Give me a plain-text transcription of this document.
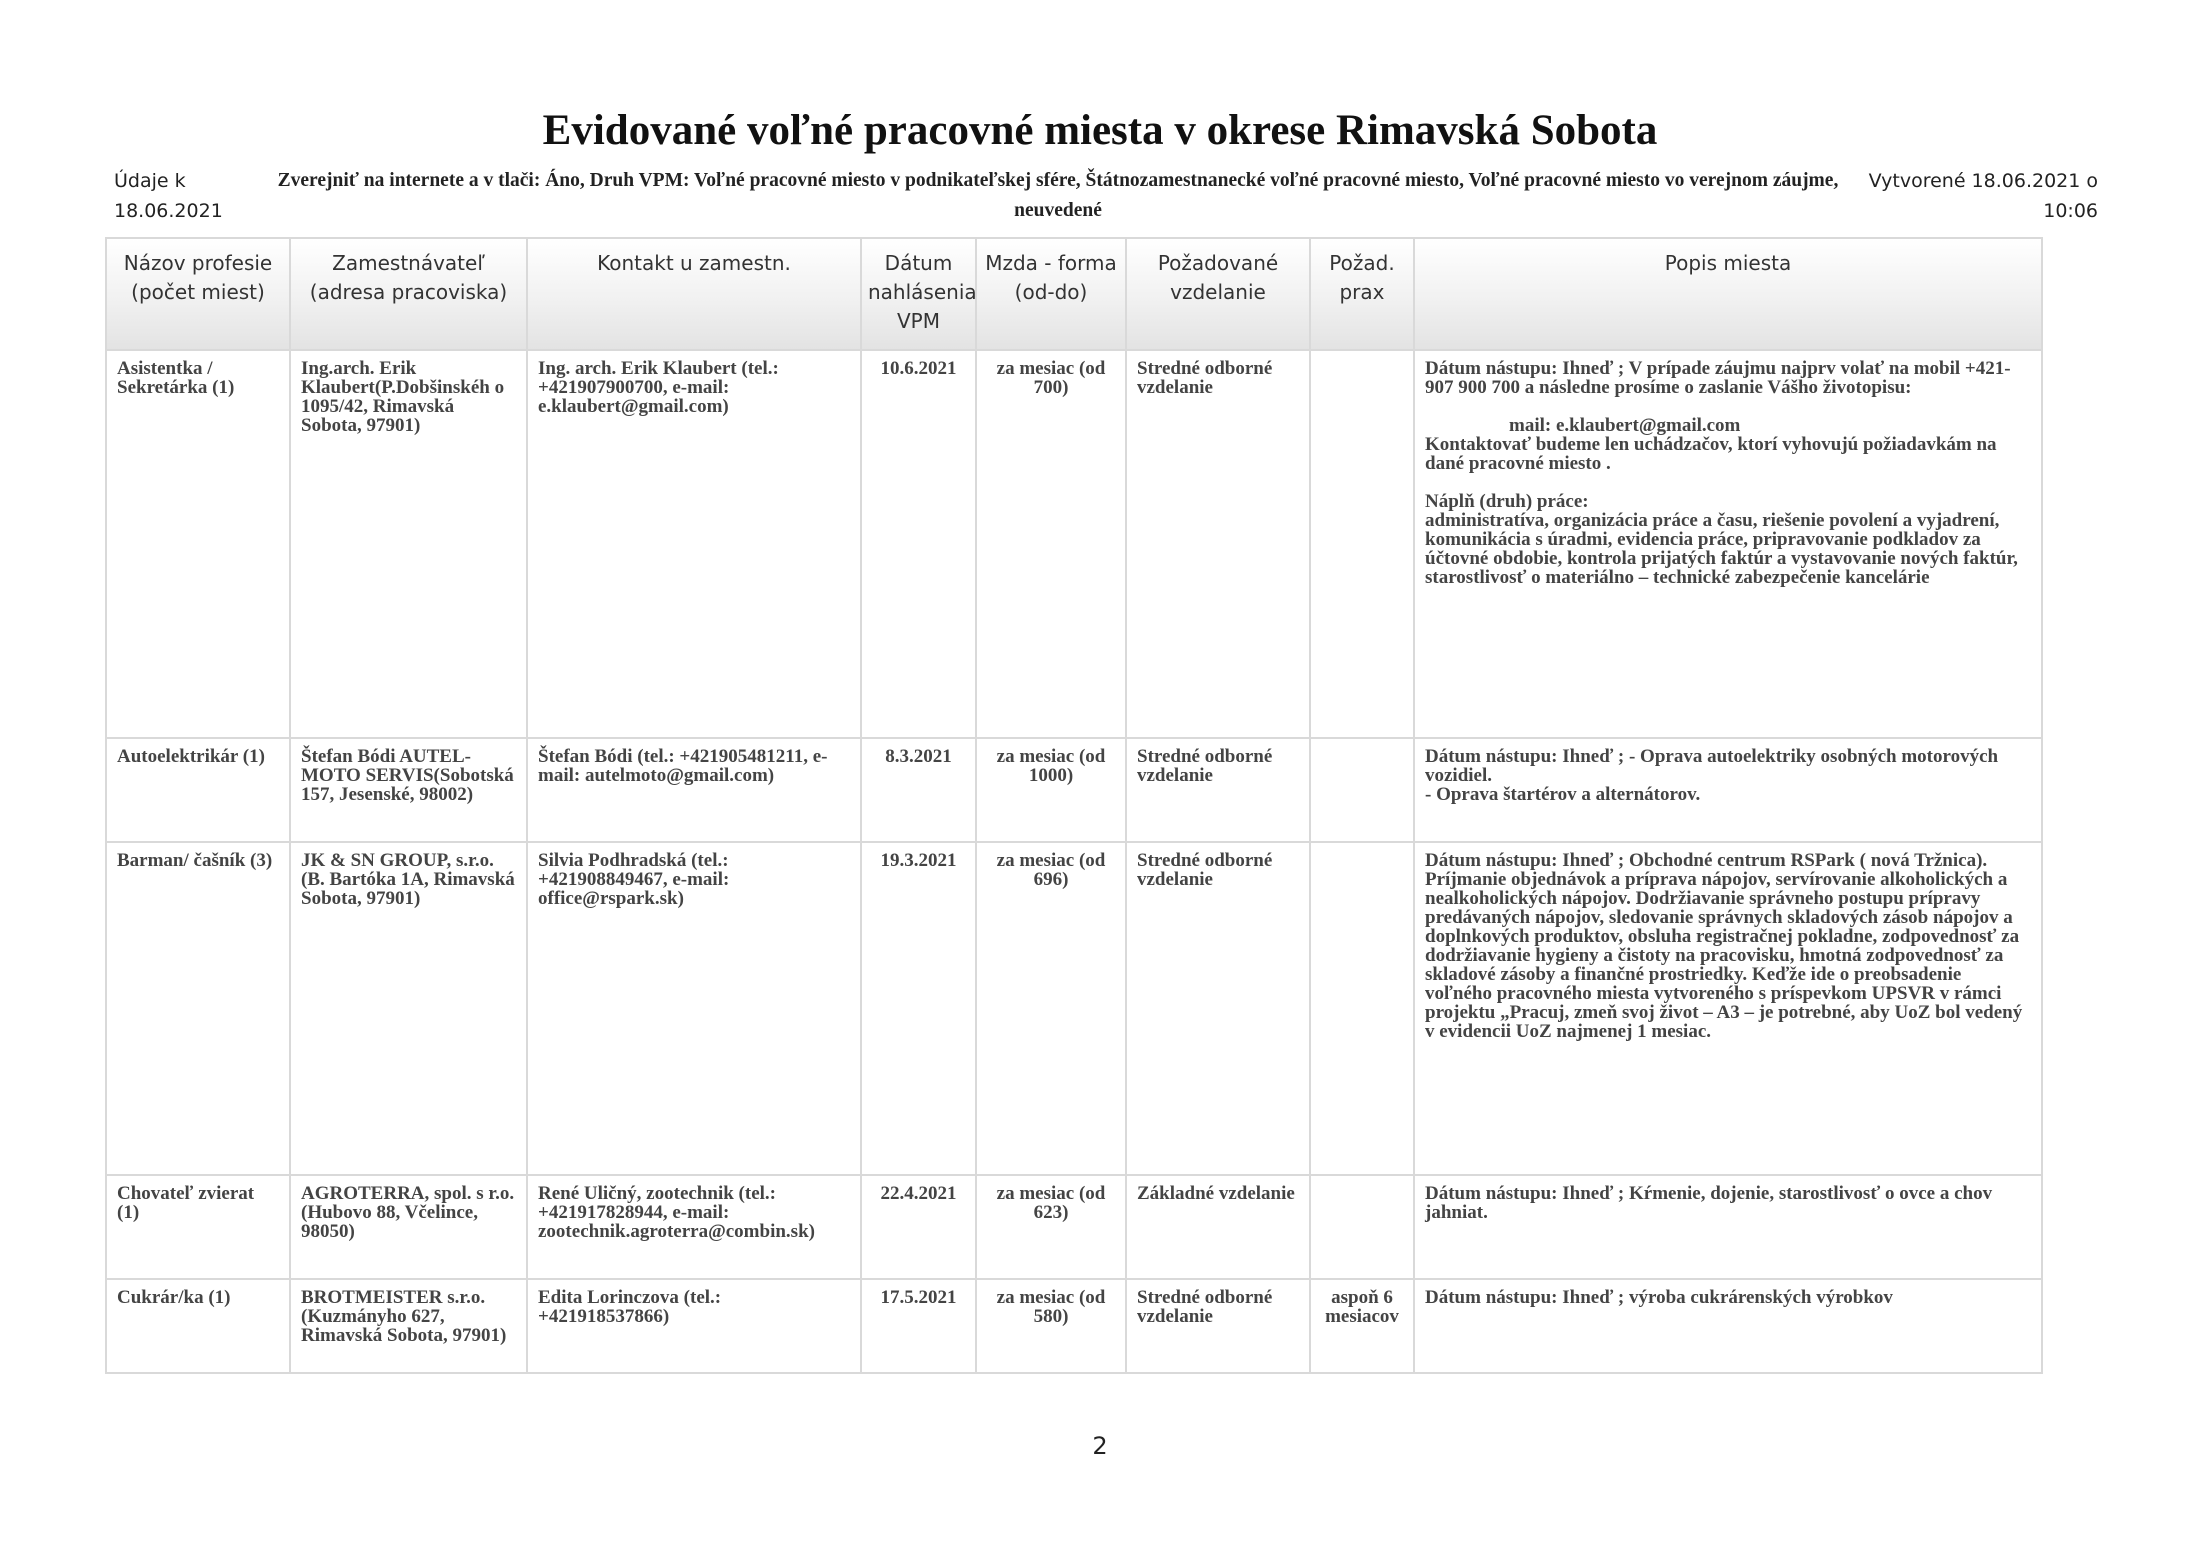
Evidované voľné pracovné miesta v okrese Rimavská Sobota
Údaje k
18.06.2021
Zverejniť na internete a v tlači: Áno, Druh VPM: Voľné pracovné miesto v podnikateľskej sfére, Štátnozamestnanecké voľné pracovné miesto, Voľné pracovné miesto vo verejnom záujme, neuvedené
Vytvorené 18.06.2021 o
10:06
Názov profesie (počet miest)	Zamestnávateľ (adresa pracoviska)	Kontakt u zamestn.	Dátum nahlásenia VPM	Mzda - forma (od-do)	Požadované vzdelanie	Požad. prax	Popis miesta
Asistentka / Sekretárka (1)	Ing.arch. Erik Klaubert(P.Dobšinskéh o 1095/42, Rimavská Sobota, 97901)	Ing. arch. Erik Klaubert (tel.: +421907900700, e-mail: e.klaubert@gmail.com)	10.6.2021	za mesiac (od 700)	Stredné odborné vzdelanie		Dátum nástupu: Ihneď ; V prípade záujmu najprv volať na mobil +421- 907 900 700 a následne prosíme o zaslanie Vášho životopisu:

mail: e.klaubert@gmail.com
Kontaktovať budeme len uchádzačov, ktorí vyhovujú požiadavkám na dané pracovné miesto .

Náplň (druh) práce:
administratíva, organizácia práce a času, riešenie povolení a vyjadrení, komunikácia s úradmi, evidencia práce, pripravovanie podkladov za účtovné obdobie, kontrola prijatých faktúr a vystavovanie nových faktúr, starostlivosť o materiálno – technické zabezpečenie kancelárie

Autoelektrikár (1)	Štefan Bódi AUTEL-MOTO SERVIS(Sobotská 157, Jesenské, 98002)	Štefan Bódi (tel.: +421905481211, e-mail: autelmoto@gmail.com)	8.3.2021	za mesiac (od 1000)	Stredné odborné vzdelanie		Dátum nástupu: Ihneď ; - Oprava autoelektriky osobných motorových vozidiel.
- Oprava štartérov a alternátorov.

Barman/ čašník (3)	JK & SN GROUP, s.r.o.(B. Bartóka 1A, Rimavská Sobota, 97901)	Silvia Podhradská (tel.: +421908849467, e-mail: office@rspark.sk)	19.3.2021	za mesiac (od 696)	Stredné odborné vzdelanie		Dátum nástupu: Ihneď ; Obchodné centrum RSPark ( nová Tržnica). Príjmanie objednávok a príprava nápojov, servírovanie alkoholických a nealkoholických nápojov. Dodržiavanie správneho postupu prípravy predávaných nápojov, sledovanie správnych skladových zásob nápojov a doplnkových produktov, obsluha registračnej pokladne, zodpovednosť za dodržiavanie hygieny a čistoty na pracovisku, hmotná zodpovednosť za skladové zásoby a finančné prostriedky. Keďže ide o preobsadenie voľného pracovného miesta vytvoreného s príspevkom UPSVR v rámci projektu „Pracuj, zmeň svoj život – A3 – je potrebné, aby UoZ bol vedený v evidencii UoZ najmenej 1 mesiac.

Chovateľ zvierat (1)	AGROTERRA, spol. s r.o.(Hubovo 88, Včelince, 98050)	René Uličný, zootechnik (tel.: +421917828944, e-mail: zootechnik.agroterra@combin.sk)	22.4.2021	za mesiac (od 623)	Základné vzdelanie		Dátum nástupu: Ihneď ; Kŕmenie, dojenie, starostlivosť o ovce a chov jahniat.

Cukrár/ka (1)	BROTMEISTER s.r.o.(Kuzmányho 627, Rimavská Sobota, 97901)	Edita Lorinczova (tel.: +421918537866)	17.5.2021	za mesiac (od 580)	Stredné odborné vzdelanie	aspoň 6 mesiacov	Dátum nástupu: Ihneď ; výroba cukrárenských výrobkov
2
